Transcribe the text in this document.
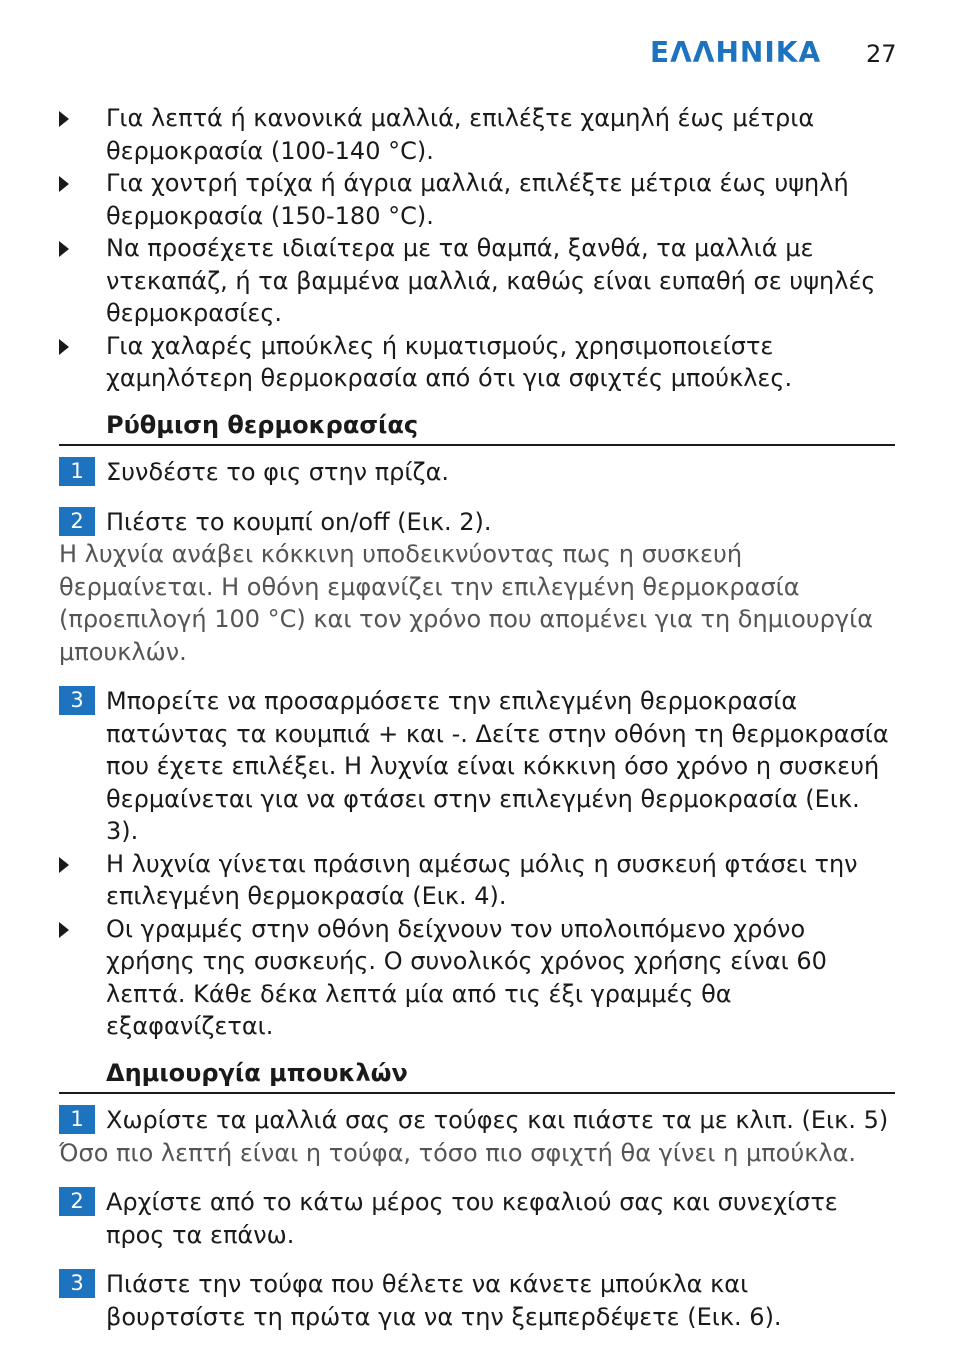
ΕΛΛΗΝΙΚΑ 27
Για λεπτά ή κανονικά μαλλιά, επιλέξτε χαμηλή έως μέτρια θερμοκρασία (100-140 °C).
Για χοντρή τρίχα ή άγρια μαλλιά, επιλέξτε μέτρια έως υψηλή θερμοκρασία (150-180 °C).
Να προσέχετε ιδιαίτερα με τα θαμπά, ξανθά, τα μαλλιά με ντεκαπάζ, ή τα βαμμένα μαλλιά, καθώς είναι ευπαθή σε υψηλές θερμοκρασίες.
Για χαλαρές μπούκλες ή κυματισμούς, χρησιμοποιείστε χαμηλότερη θερμοκρασία από ότι για σφιχτές μπούκλες.
Ρύθμιση θερμοκρασίας
1 Συνδέστε το φις στην πρίζα.
2 Πιέστε το κουμπί on/off (Εικ. 2).
Η λυχνία ανάβει κόκκινη υποδεικνύοντας πως η συσκευή θερμαίνεται. Η οθόνη εμφανίζει την επιλεγμένη θερμοκρασία (προεπιλογή 100 °C) και τον χρόνο που απομένει για τη δημιουργία μπουκλών.
3 Μπορείτε να προσαρμόσετε την επιλεγμένη θερμοκρασία πατώντας τα κουμπιά + και -. Δείτε στην οθόνη τη θερμοκρασία που έχετε επιλέξει. Η λυχνία είναι κόκκινη όσο χρόνο η συσκευή θερμαίνεται για να φτάσει στην επιλεγμένη θερμοκρασία (Εικ. 3).
Η λυχνία γίνεται πράσινη αμέσως μόλις η συσκευή φτάσει την επιλεγμένη θερμοκρασία (Εικ. 4).
Οι γραμμές στην οθόνη δείχνουν τον υπολοιπόμενο χρόνο χρήσης της συσκευής. Ο συνολικός χρόνος χρήσης είναι 60 λεπτά. Κάθε δέκα λεπτά μία από τις έξι γραμμές θα εξαφανίζεται.
Δημιουργία μπουκλών
1 Χωρίστε τα μαλλιά σας σε τούφες και πιάστε τα με κλιπ. (Εικ. 5)
Όσο πιο λεπτή είναι η τούφα, τόσο πιο σφιχτή θα γίνει η μπούκλα.
2 Αρχίστε από το κάτω μέρος του κεφαλιού σας και συνεχίστε προς τα επάνω.
3 Πιάστε την τούφα που θέλετε να κάνετε μπούκλα και βουρτσίστε τη πρώτα για να την ξεμπερδέψετε (Εικ. 6).
